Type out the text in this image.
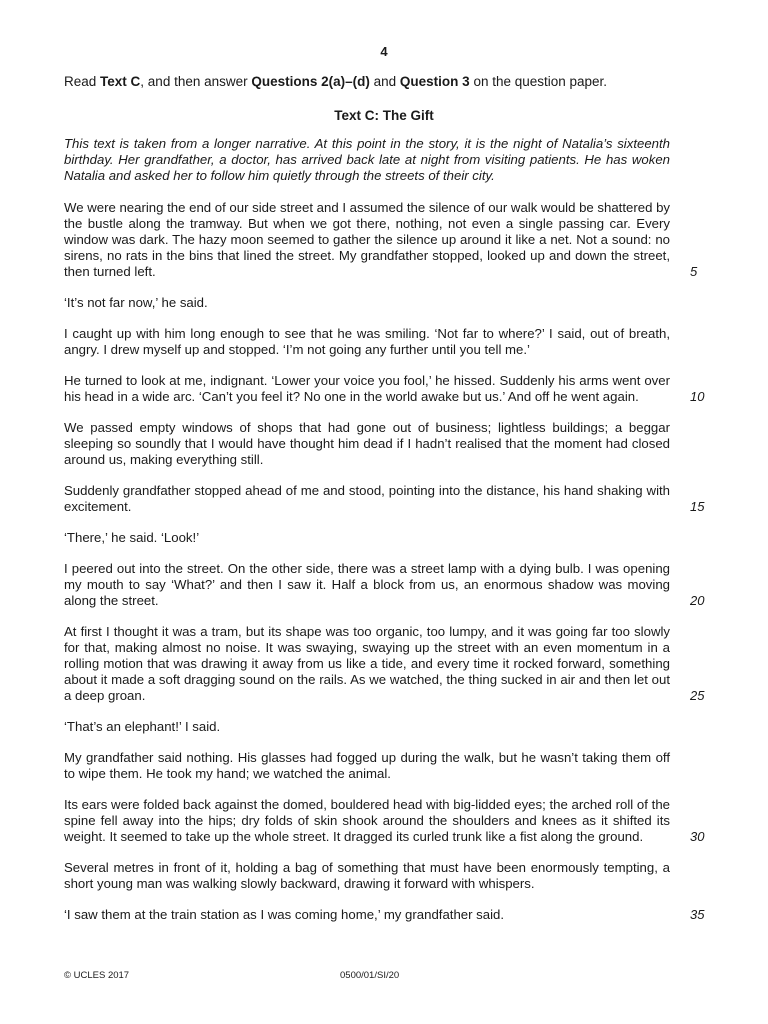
4
Read Text C, and then answer Questions 2(a)–(d) and Question 3 on the question paper.
Text C: The Gift

This text is taken from a longer narrative. At this point in the story, it is the night of Natalia’s sixteenth birthday. Her grandfather, a doctor, has arrived back late at night from visiting patients. He has woken Natalia and asked her to follow him quietly through the streets of their city.

We were nearing the end of our side street and I assumed the silence of our walk would be shattered by the bustle along the tramway. But when we got there, nothing, not even a single passing car. Every window was dark. The hazy moon seemed to gather the silence up around it like a net. Not a sound: no sirens, no rats in the bins that lined the street. My grandfather stopped, looked up and down the street, then turned left.	5

‘It’s not far now,’ he said.

I caught up with him long enough to see that he was smiling. ‘Not far to where?’ I said, out of breath, angry. I drew myself up and stopped. ‘I’m not going any further until you tell me.’

He turned to look at me, indignant. ‘Lower your voice you fool,’ he hissed. Suddenly his arms went over his head in a wide arc. ‘Can’t you feel it? No one in the world awake but us.’ And off he went again.	10

We passed empty windows of shops that had gone out of business; lightless buildings; a beggar sleeping so soundly that I would have thought him dead if I hadn’t realised that the moment had closed around us, making everything still.

Suddenly grandfather stopped ahead of me and stood, pointing into the distance, his hand shaking with excitement.	15

‘There,’ he said. ‘Look!’

I peered out into the street. On the other side, there was a street lamp with a dying bulb. I was opening my mouth to say ‘What?’ and then I saw it. Half a block from us, an enormous shadow was moving along the street.	20

At first I thought it was a tram, but its shape was too organic, too lumpy, and it was going far too slowly for that, making almost no noise. It was swaying, swaying up the street with an even momentum in a rolling motion that was drawing it away from us like a tide, and every time it rocked forward, something about it made a soft dragging sound on the rails. As we watched, the thing sucked in air and then let out a deep groan.	25

‘That’s an elephant!’ I said.

My grandfather said nothing. His glasses had fogged up during the walk, but he wasn’t taking them off to wipe them. He took my hand; we watched the animal.

Its ears were folded back against the domed, bouldered head with big-lidded eyes; the arched roll of the spine fell away into the hips; dry folds of skin shook around the shoulders and knees as it shifted its weight. It seemed to take up the whole street. It dragged its curled trunk like a fist along the ground.	30

Several metres in front of it, holding a bag of something that must have been enormously tempting, a short young man was walking slowly backward, drawing it forward with whispers.

‘I saw them at the train station as I was coming home,’ my grandfather said.	35

© UCLES 2017	0500/01/SI/20
